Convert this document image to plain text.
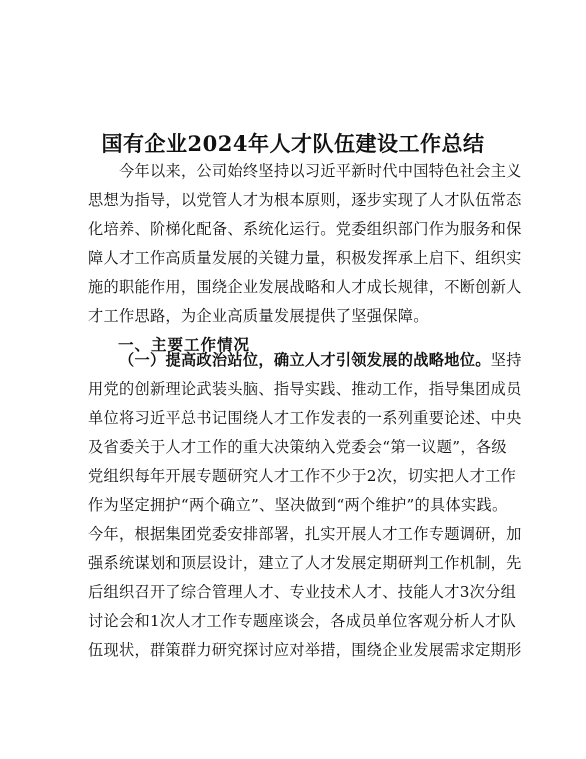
国有企业2024年人才队伍建设工作总结
今年以来，公司始终坚持以习近平新时代中国特色社会主义
思想为指导，以党管人才为根本原则，逐步实现了人才队伍常态
化培养、阶梯化配备、系统化运行。党委组织部门作为服务和保
障人才工作高质量发展的关键力量，积极发挥承上启下、组织实
施的职能作用，围绕企业发展战略和人才成长规律，不断创新人
才工作思路，为企业高质量发展提供了坚强保障。
一、主要工作情况
（一）提高政治站位，确立人才引领发展的战略地位。坚持
用党的创新理论武装头脑、指导实践、推动工作，指导集团成员
单位将习近平总书记围绕人才工作发表的一系列重要论述、中央
及省委关于人才工作的重大决策纳入党委会“第一议题”，各级
党组织每年开展专题研究人才工作不少于2次，切实把人才工作
作为坚定拥护“两个确立”、坚决做到“两个维护”的具体实践。
今年，根据集团党委安排部署，扎实开展人才工作专题调研，加
强系统谋划和顶层设计，建立了人才发展定期研判工作机制，先
后组织召开了综合管理人才、专业技术人才、技能人才3次分组
讨论会和1次人才工作专题座谈会，各成员单位客观分析人才队
伍现状，群策群力研究探讨应对举措，围绕企业发展需求定期形
